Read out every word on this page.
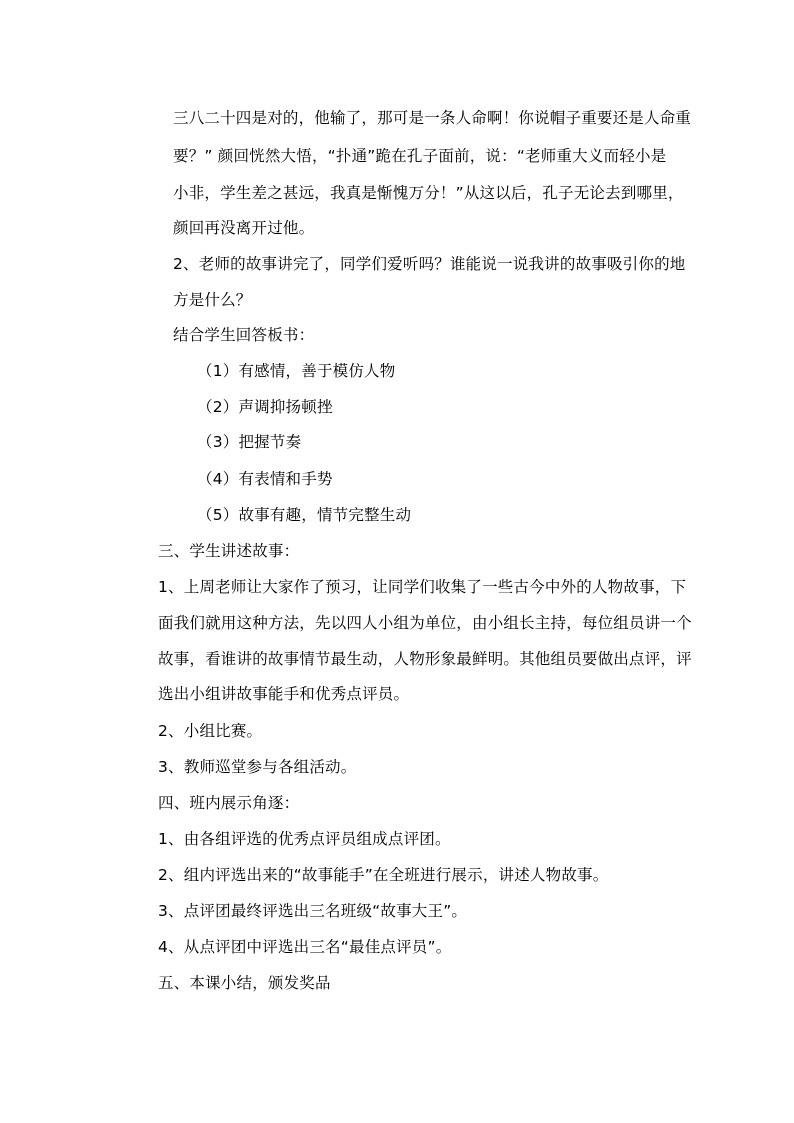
三八二十四是对的，他输了，那可是一条人命啊！你说帽子重要还是人命重
要？” 颜回恍然大悟，“扑通”跪在孔子面前，说：“老师重大义而轻小是
小非，学生差之甚远，我真是惭愧万分！”从这以后，孔子无论去到哪里，
颜回再没离开过他。
2、老师的故事讲完了，同学们爱听吗？谁能说一说我讲的故事吸引你的地
方是什么？
结合学生回答板书：
（1）有感情，善于模仿人物
（2）声调抑扬顿挫
（3）把握节奏
（4）有表情和手势
（5）故事有趣，情节完整生动
三、学生讲述故事：
1、上周老师让大家作了预习，让同学们收集了一些古今中外的人物故事，下
面我们就用这种方法，先以四人小组为单位，由小组长主持，每位组员讲一个
故事，看谁讲的故事情节最生动，人物形象最鲜明。其他组员要做出点评，评
选出小组讲故事能手和优秀点评员。
2、小组比赛。
3、教师巡堂参与各组活动。
四、班内展示角逐：
1、由各组评选的优秀点评员组成点评团。
2、组内评选出来的“故事能手”在全班进行展示，讲述人物故事。
3、点评团最终评选出三名班级“故事大王”。
4、从点评团中评选出三名“最佳点评员”。
五、本课小结，颁发奖品
